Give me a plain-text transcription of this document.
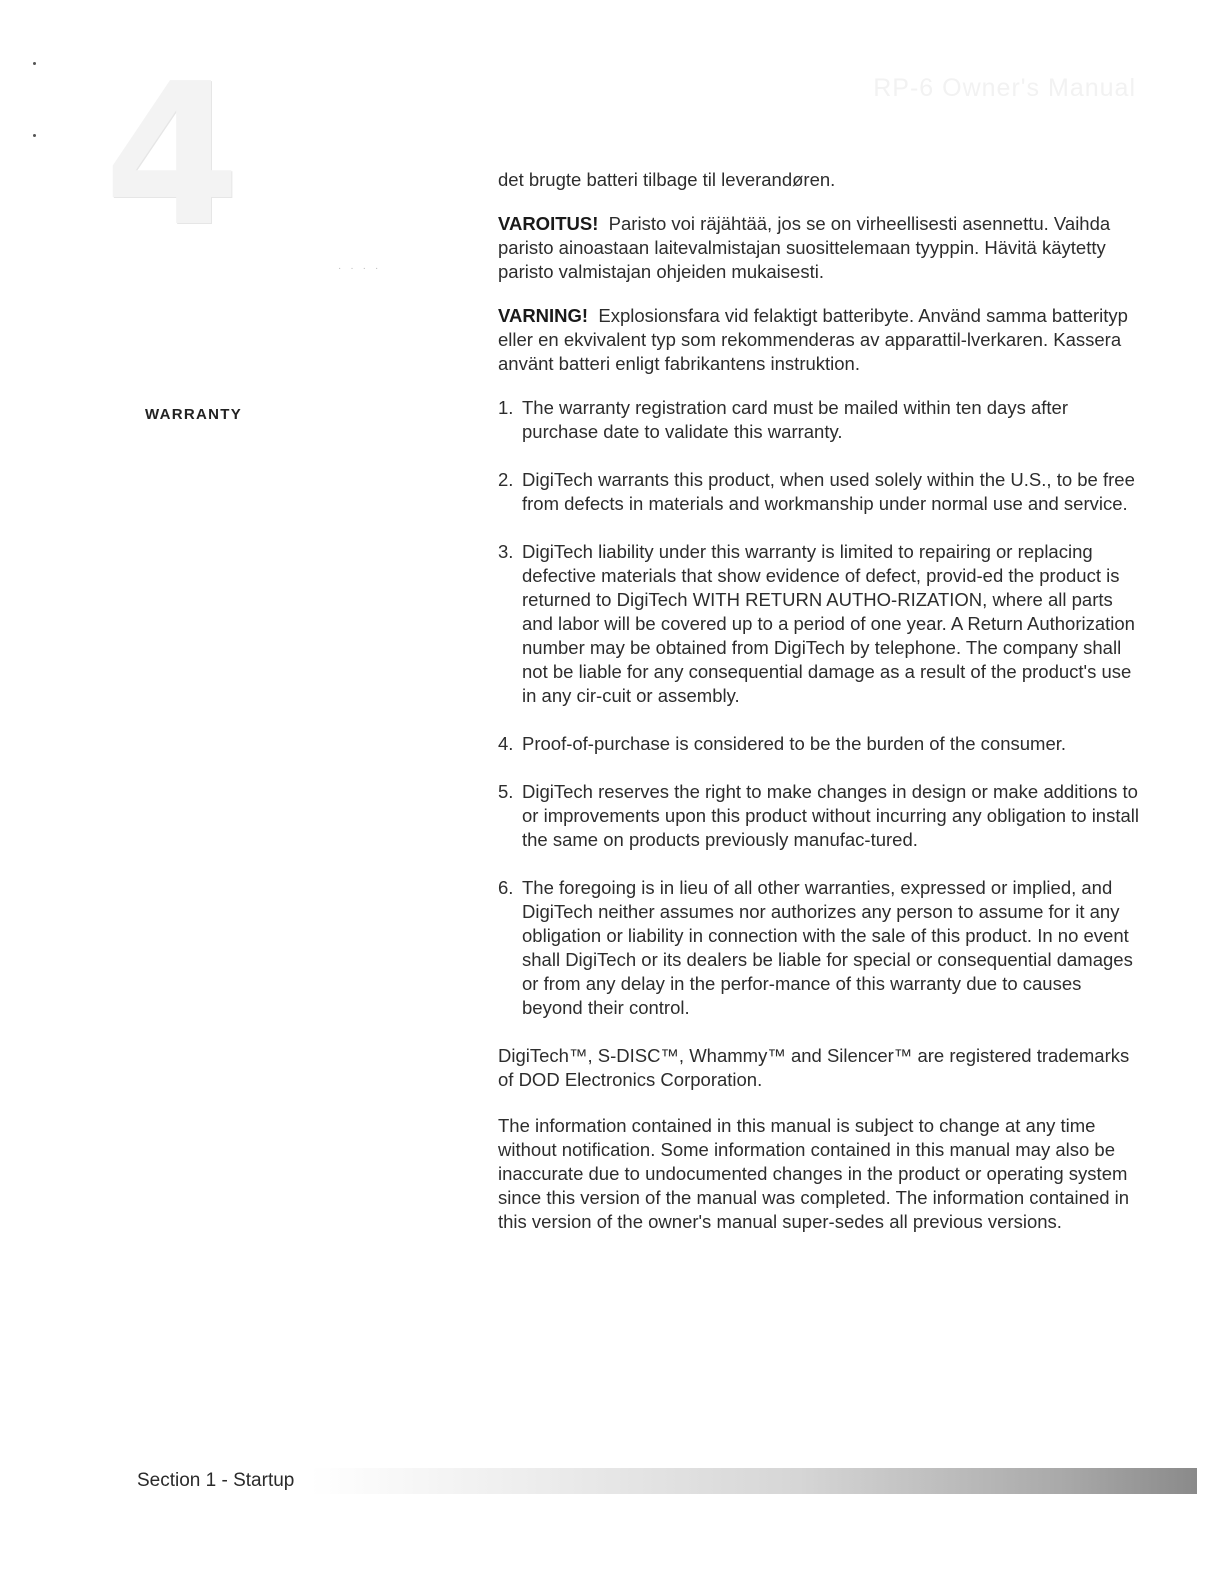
4	RP-6 Owner's Manual
····
WARRANTY

det brugte batteri tilbage til leverandøren.

VAROITUS! Paristo voi räjähtää, jos se on virheellisesti asennettu. Vaihda paristo ainoastaan laitevalmistajan suosittelemaan tyyppin. Hävitä käytetty paristo valmistajan ohjeiden mukaisesti.

VARNING! Explosionsfara vid felaktigt batteribyte. Använd samma batterityp eller en ekvivalent typ som rekommenderas av apparattil-lverkaren. Kassera använt batteri enligt fabrikantens instruktion.

1. The warranty registration card must be mailed within ten days after purchase date to validate this warranty.
2. DigiTech warrants this product, when used solely within the U.S., to be free from defects in materials and workmanship under normal use and service.
3. DigiTech liability under this warranty is limited to repairing or replacing defective materials that show evidence of defect, provid-ed the product is returned to DigiTech WITH RETURN AUTHO-RIZATION, where all parts and labor will be covered up to a period of one year. A Return Authorization number may be obtained from DigiTech by telephone. The company shall not be liable for any consequential damage as a result of the product's use in any cir-cuit or assembly.
4. Proof-of-purchase is considered to be the burden of the consumer.
5. DigiTech reserves the right to make changes in design or make additions to or improvements upon this product without incurring any obligation to install the same on products previously manufac-tured.
6. The foregoing is in lieu of all other warranties, expressed or implied, and DigiTech neither assumes nor authorizes any person to assume for it any obligation or liability in connection with the sale of this product. In no event shall DigiTech or its dealers be liable for special or consequential damages or from any delay in the perfor-mance of this warranty due to causes beyond their control.

DigiTech™, S-DISC™, Whammy™ and Silencer™ are registered trademarks of DOD Electronics Corporation.

The information contained in this manual is subject to change at any time without notification. Some information contained in this manual may also be inaccurate due to undocumented changes in the product or operating system since this version of the manual was completed. The information contained in this version of the owner's manual super-sedes all previous versions.

Section 1 - Startup
